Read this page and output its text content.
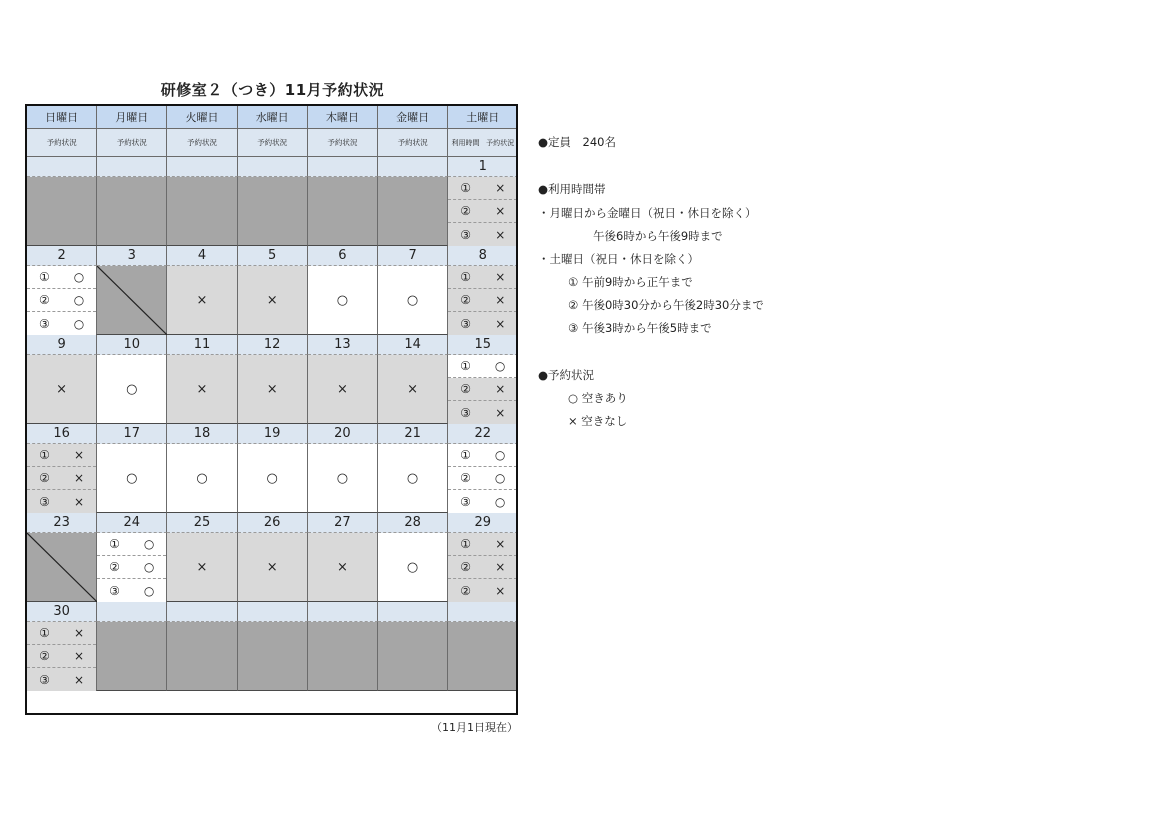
研修室２（つき）11月予約状況
日曜日
予約状況
月曜日
予約状況
火曜日
予約状況
水曜日
予約状況
木曜日
予約状況
金曜日
予約状況
土曜日
利用時間 予約状況
1
① ×
② ×
③ ×
2
① ○
② ○
③ ○
3	4
×
5
×
6
○
7
○
8
① ×
② ×
③ ×
9
×
10
○
11
×
12
×
13
×
14
×
15
① ○
② ×
③ ×
16
① ×
② ×
③ ×
17
○
18
○
19
○
20
○
21
○
22
① ○
② ○
③ ○
23	24
① ○
② ○
③ ○
25
×
26
×
27
×
28
○
29
① ×
② ×
② ×
30
① ×
② ×
③ ×
（11月1日現在）
●定員　240名
●利用時間帯
・月曜日から金曜日（祝日・休日を除く）
午後6時から午後9時まで
・土曜日（祝日・休日を除く）
① 午前9時から正午まで
② 午後0時30分から午後2時30分まで
③ 午後3時から午後5時まで
●予約状況
○ 空きあり
× 空きなし
